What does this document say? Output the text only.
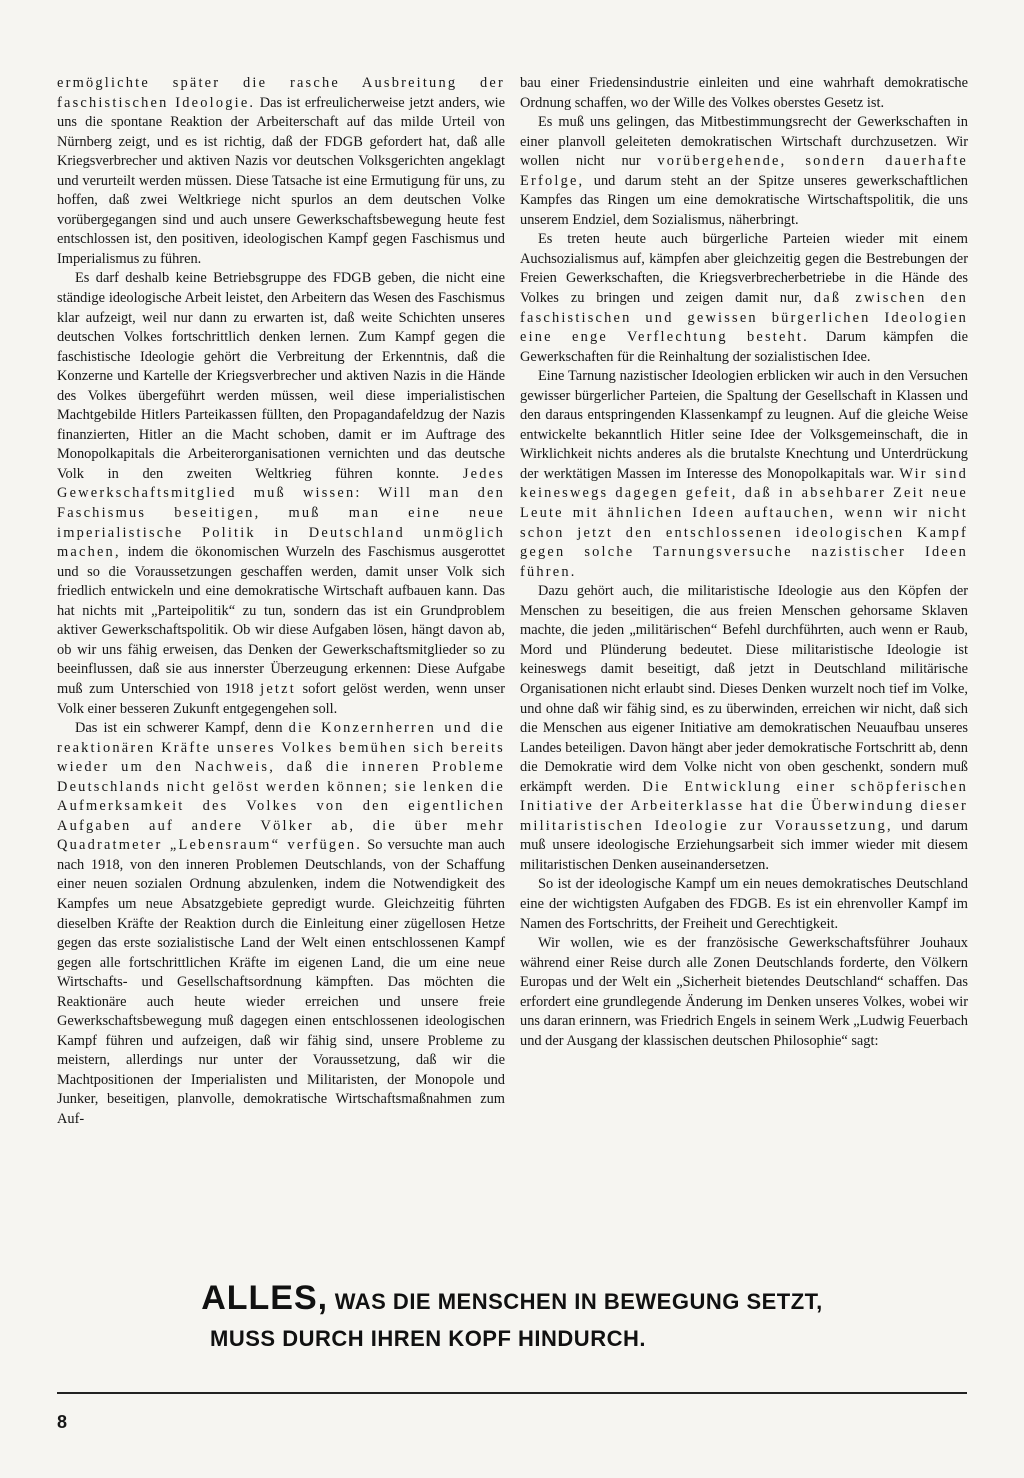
ermöglichte später die rasche Ausbreitung der faschistischen Ideologie. Das ist erfreulicherweise jetzt anders, wie uns die spontane Reaktion der Arbeiterschaft auf das milde Urteil von Nürnberg zeigt, und es ist richtig, daß der FDGB gefordert hat, daß alle Kriegsverbrecher und aktiven Nazis vor deutschen Volksgerichten angeklagt und verurteilt werden müssen. Diese Tatsache ist eine Ermutigung für uns, zu hoffen, daß zwei Weltkriege nicht spurlos an dem deutschen Volke vorübergegangen sind und auch unsere Gewerkschaftsbewegung heute fest entschlossen ist, den positiven, ideologischen Kampf gegen Faschismus und Imperialismus zu führen.

Es darf deshalb keine Betriebsgruppe des FDGB geben, die nicht eine ständige ideologische Arbeit leistet, den Arbeitern das Wesen des Faschismus klar aufzeigt, weil nur dann zu erwarten ist, daß weite Schichten unseres deutschen Volkes fortschrittlich denken lernen. Zum Kampf gegen die faschistische Ideologie gehört die Verbreitung der Erkenntnis, daß die Konzerne und Kartelle der Kriegsverbrecher und aktiven Nazis in die Hände des Volkes übergeführt werden müssen, weil diese imperialistischen Machtgebilde Hitlers Parteikassen füllten, den Propagandafeldzug der Nazis finanzierten, Hitler an die Macht schoben, damit er im Auftrage des Monopolkapitals die Arbeiterorganisationen vernichten und das deutsche Volk in den zweiten Weltkrieg führen konnte. Jedes Gewerkschaftsmitglied muß wissen: Will man den Faschismus beseitigen, muß man eine neue imperialistische Politik in Deutschland unmöglich machen, indem die ökonomischen Wurzeln des Faschismus ausgerottet und so die Voraussetzungen geschaffen werden, damit unser Volk sich friedlich entwickeln und eine demokratische Wirtschaft aufbauen kann. Das hat nichts mit „Parteipolitik“ zu tun, sondern das ist ein Grundproblem aktiver Gewerkschaftspolitik. Ob wir diese Aufgaben lösen, hängt davon ab, ob wir uns fähig erweisen, das Denken der Gewerkschaftsmitglieder so zu beeinflussen, daß sie aus innerster Überzeugung erkennen: Diese Aufgabe muß zum Unterschied von 1918 jetzt sofort gelöst werden, wenn unser Volk einer besseren Zukunft entgegengehen soll.

Das ist ein schwerer Kampf, denn die Konzernherren und die reaktionären Kräfte unseres Volkes bemühen sich bereits wieder um den Nachweis, daß die inneren Probleme Deutschlands nicht gelöst werden können; sie lenken die Aufmerksamkeit des Volkes von den eigentlichen Aufgaben auf andere Völker ab, die über mehr Quadratmeter „Lebensraum“ verfügen. So versuchte man auch nach 1918, von den inneren Problemen Deutschlands, von der Schaffung einer neuen sozialen Ordnung abzulenken, indem die Notwendigkeit des Kampfes um neue Absatzgebiete gepredigt wurde. Gleichzeitig führten dieselben Kräfte der Reaktion durch die Einleitung einer zügellosen Hetze gegen das erste sozialistische Land der Welt einen entschlossenen Kampf gegen alle fortschrittlichen Kräfte im eigenen Land, die um eine neue Wirtschafts- und Gesellschaftsordnung kämpften. Das möchten die Reaktionäre auch heute wieder erreichen und unsere freie Gewerkschaftsbewegung muß dagegen einen entschlossenen ideologischen Kampf führen und aufzeigen, daß wir fähig sind, unsere Probleme zu meistern, allerdings nur unter der Voraussetzung, daß wir die Machtpositionen der Imperialisten und Militaristen, der Monopole und Junker, beseitigen, planvolle, demokratische Wirtschaftsmaßnahmen zum Auf-

bau einer Friedensindustrie einleiten und eine wahrhaft demokratische Ordnung schaffen, wo der Wille des Volkes oberstes Gesetz ist.

Es muß uns gelingen, das Mitbestimmungsrecht der Gewerkschaften in einer planvoll geleiteten demokratischen Wirtschaft durchzusetzen. Wir wollen nicht nur vorübergehende, sondern dauerhafte Erfolge, und darum steht an der Spitze unseres gewerkschaftlichen Kampfes das Ringen um eine demokratische Wirtschaftspolitik, die uns unserem Endziel, dem Sozialismus, näherbringt.

Es treten heute auch bürgerliche Parteien wieder mit einem Auchsozialismus auf, kämpfen aber gleichzeitig gegen die Bestrebungen der Freien Gewerkschaften, die Kriegsverbrecherbetriebe in die Hände des Volkes zu bringen und zeigen damit nur, daß zwischen den faschistischen und gewissen bürgerlichen Ideologien eine enge Verflechtung besteht. Darum kämpfen die Gewerkschaften für die Reinhaltung der sozialistischen Idee.

Eine Tarnung nazistischer Ideologien erblicken wir auch in den Versuchen gewisser bürgerlicher Parteien, die Spaltung der Gesellschaft in Klassen und den daraus entspringenden Klassenkampf zu leugnen. Auf die gleiche Weise entwickelte bekanntlich Hitler seine Idee der Volksgemeinschaft, die in Wirklichkeit nichts anderes als die brutalste Knechtung und Unterdrückung der werktätigen Massen im Interesse des Monopolkapitals war. Wir sind keineswegs dagegen gefeit, daß in absehbarer Zeit neue Leute mit ähnlichen Ideen auftauchen, wenn wir nicht schon jetzt den entschlossenen ideologischen Kampf gegen solche Tarnungsversuche nazistischer Ideen führen.

Dazu gehört auch, die militaristische Ideologie aus den Köpfen der Menschen zu beseitigen, die aus freien Menschen gehorsame Sklaven machte, die jeden „militärischen“ Befehl durchführten, auch wenn er Raub, Mord und Plünderung bedeutet. Diese militaristische Ideologie ist keineswegs damit beseitigt, daß jetzt in Deutschland militärische Organisationen nicht erlaubt sind. Dieses Denken wurzelt noch tief im Volke, und ohne daß wir fähig sind, es zu überwinden, erreichen wir nicht, daß sich die Menschen aus eigener Initiative am demokratischen Neuaufbau unseres Landes beteiligen. Davon hängt aber jeder demokratische Fortschritt ab, denn die Demokratie wird dem Volke nicht von oben geschenkt, sondern muß erkämpft werden. Die Entwicklung einer schöpferischen Initiative der Arbeiterklasse hat die Überwindung dieser militaristischen Ideologie zur Voraussetzung, und darum muß unsere ideologische Erziehungsarbeit sich immer wieder mit diesem militaristischen Denken auseinandersetzen.

So ist der ideologische Kampf um ein neues demokratisches Deutschland eine der wichtigsten Aufgaben des FDGB. Es ist ein ehrenvoller Kampf im Namen des Fortschritts, der Freiheit und Gerechtigkeit.

Wir wollen, wie es der französische Gewerkschaftsführer Jouhaux während einer Reise durch alle Zonen Deutschlands forderte, den Völkern Europas und der Welt ein „Sicherheit bietendes Deutschland“ schaffen. Das erfordert eine grundlegende Änderung im Denken unseres Volkes, wobei wir uns daran erinnern, was Friedrich Engels in seinem Werk „Ludwig Feuerbach und der Ausgang der klassischen deutschen Philosophie“ sagt:

ALLES, WAS DIE MENSCHEN IN BEWEGUNG SETZT,
MUSS DURCH IHREN KOPF HINDURCH.
8
